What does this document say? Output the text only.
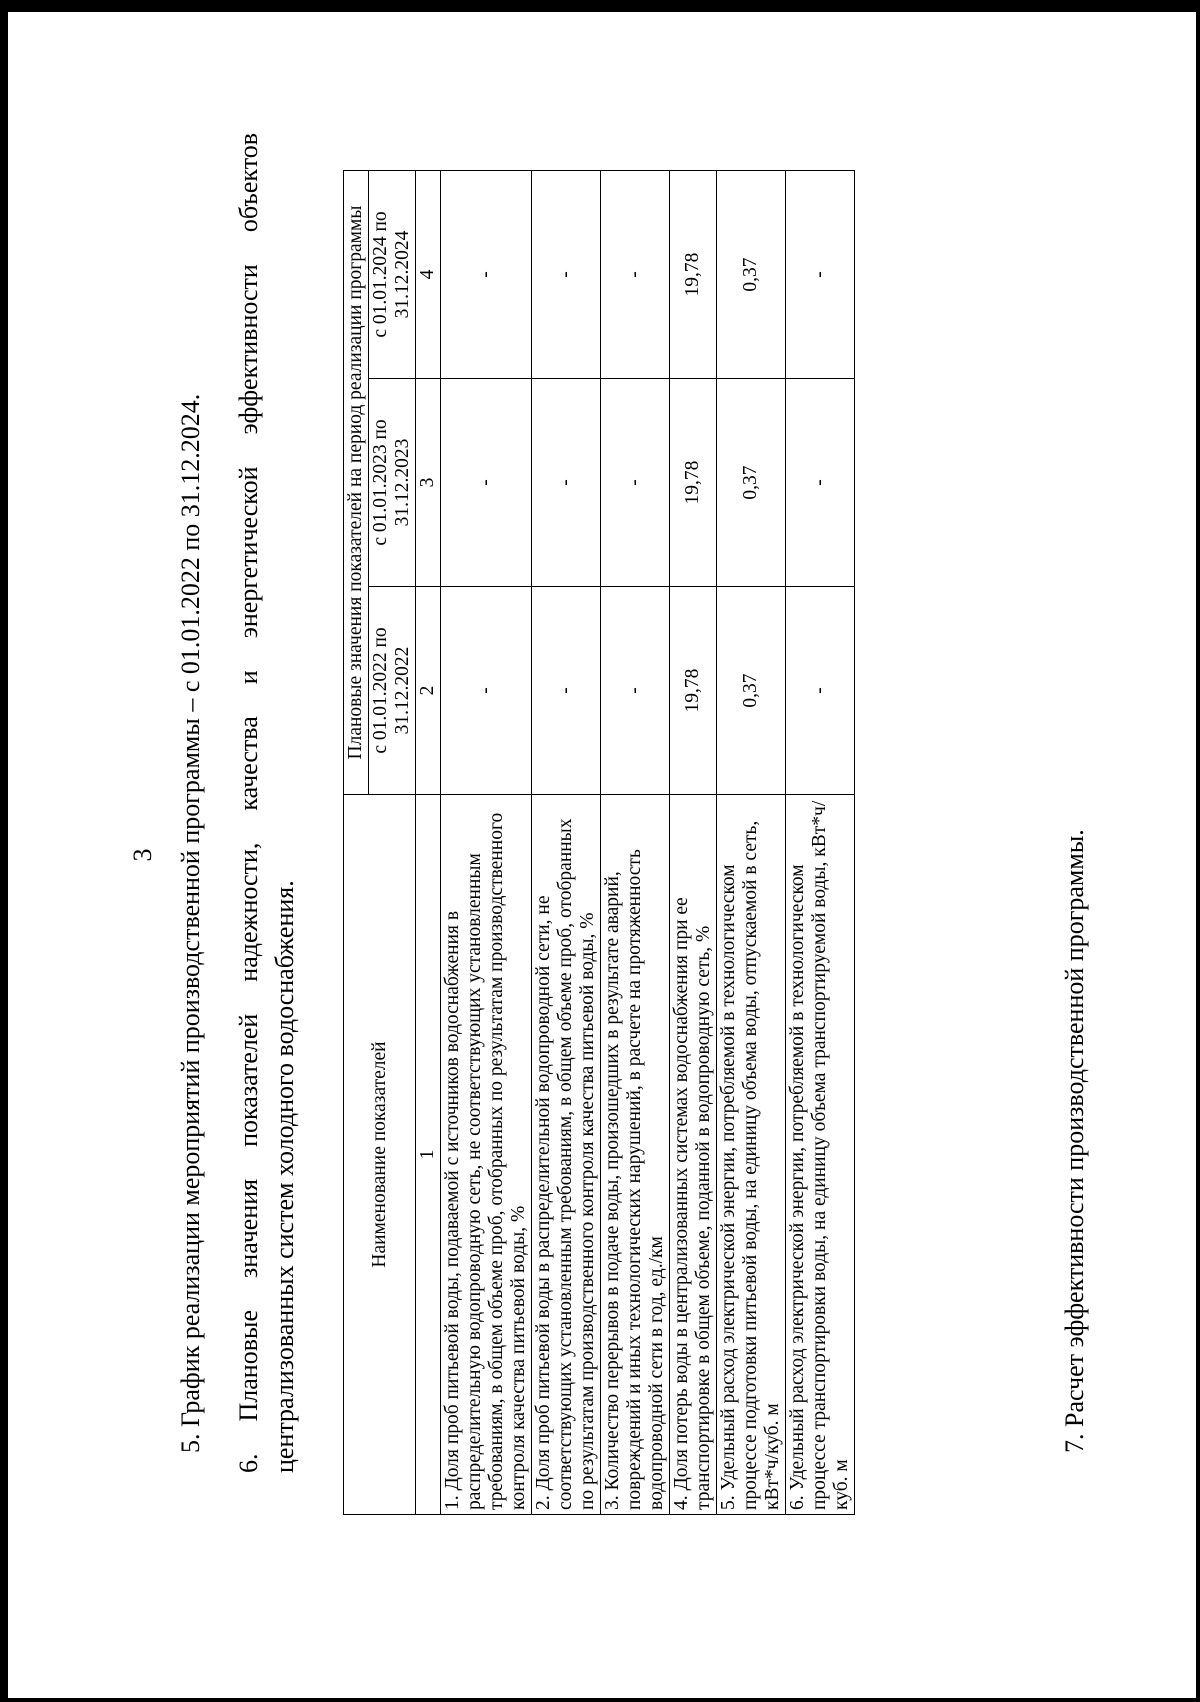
3 5. График реализации мероприятий производственной программы – с 01.01.2022 по 31.12.2024. 6. Плановые значения показателей надежности, качества и энергетической эффективности объектов централизованных систем холодного водоснабжения.	Наименование показателей	Плановые значения показателей на период реализации программы		
	с 01.01.2022 по 31.12.2022	с 01.01.2023 по 31.12.2023	с 01.01.2024 по 31.12.2024
1	2	3	4
1. Доля проб питьевой воды, подаваемой с источников водоснабжения в распределительную водопроводную сеть, не соответствующих установленным требованиям, в общем объеме проб, отобранных по результатам производственного контроля качества питьевой воды, %	-	-	-
2. Доля проб питьевой воды в распределительной водопроводной сети, не соответствующих установленным требованиям, в общем объеме проб, отобранных по результатам производственного контроля качества питьевой воды, %	-	-	-
3. Количество перерывов в подаче воды, произошедших в результате аварий, повреждений и иных технологических нарушений, в расчете на протяженность водопроводной сети в год, ед./км	-	-	-
4. Доля потерь воды в централизованных системах водоснабжения при ее транспортировке в общем объеме, поданной в водопроводную сеть, %	19,78	19,78	19,78
5. Удельный расход электрической энергии, потребляемой в технологическом процессе подготовки питьевой воды, на единицу объема воды, отпускаемой в сеть, кВт*ч/куб. м	0,37	0,37	0,37
6. Удельный расход электрической энергии, потребляемой в технологическом процессе транспортировки воды, на единицу объема транспортируемой воды, кВт*ч/куб. м	-	-	-
7. Расчет эффективности производственной программы.
